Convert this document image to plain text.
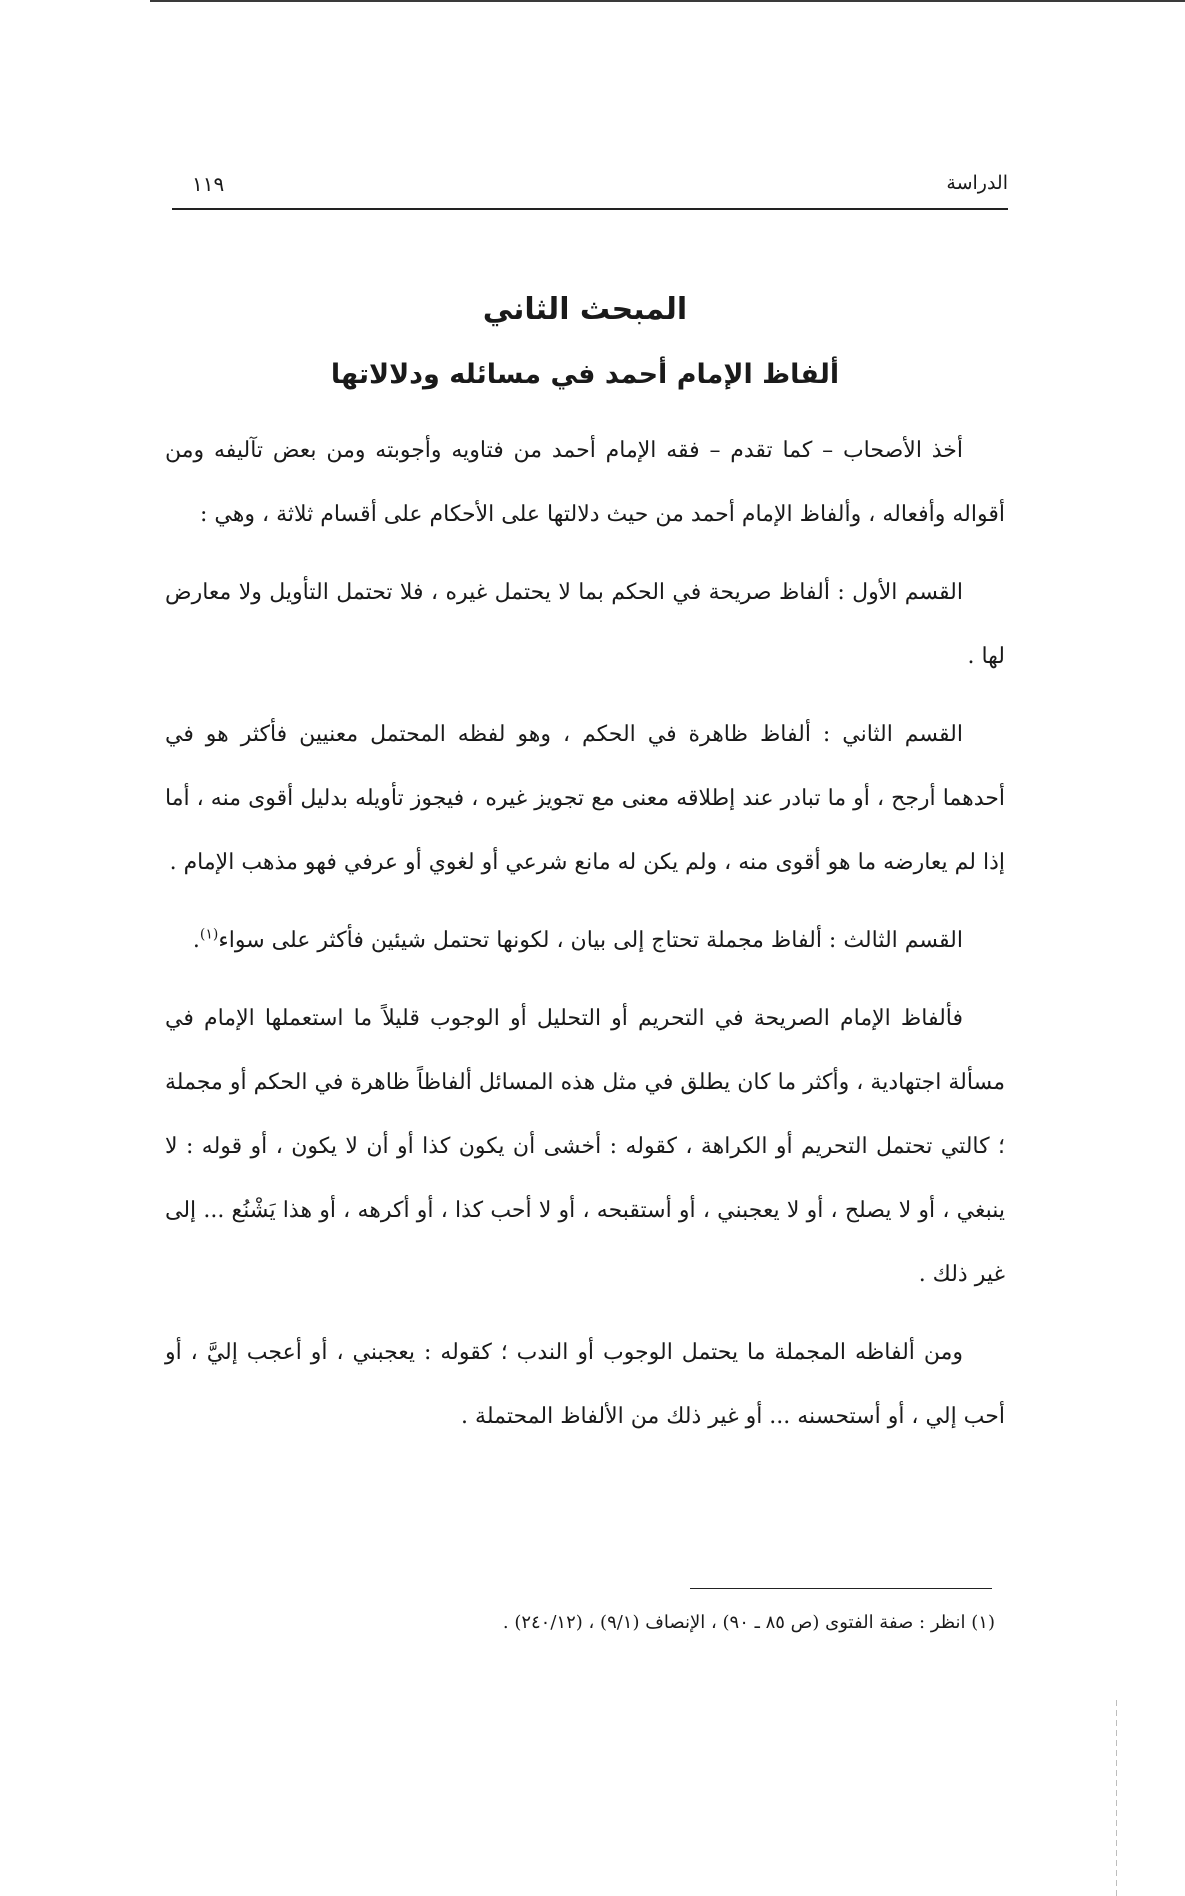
الدراسة
١١٩
المبحث الثاني
ألفاظ الإمام أحمد في مسائله ودلالاتها

أخذ الأصحاب – كما تقدم – فقه الإمام أحمد من فتاويه وأجوبته ومن بعض تآليفه ومن أقواله وأفعاله ، وألفاظ الإمام أحمد من حيث دلالتها على الأحكام على أقسام ثلاثة ، وهي :

القسم الأول : ألفاظ صريحة في الحكم بما لا يحتمل غيره ، فلا تحتمل التأويل ولا معارض لها .

القسم الثاني : ألفاظ ظاهرة في الحكم ، وهو لفظه المحتمل معنيين فأكثر هو في أحدهما أرجح ، أو ما تبادر عند إطلاقه معنى مع تجويز غيره ، فيجوز تأويله بدليل أقوى منه ، أما إذا لم يعارضه ما هو أقوى منه ، ولم يكن له مانع شرعي أو لغوي أو عرفي فهو مذهب الإمام .

القسم الثالث : ألفاظ مجملة تحتاج إلى بيان ، لكونها تحتمل شيئين فأكثر على سواء$^{(١)}$.

فألفاظ الإمام الصريحة في التحريم أو التحليل أو الوجوب قليلاً ما استعملها الإمام في مسألة اجتهادية ، وأكثر ما كان يطلق في مثل هذه المسائل ألفاظاً ظاهرة في الحكم أو مجملة ؛ كالتي تحتمل التحريم أو الكراهة ، كقوله : أخشى أن يكون كذا أو أن لا يكون ، أو قوله : لا ينبغي ، أو لا يصلح ، أو لا يعجبني ، أو أستقبحه ، أو لا أحب كذا ، أو أكرهه ، أو هذا يَشْنُع ... إلى غير ذلك .

ومن ألفاظه المجملة ما يحتمل الوجوب أو الندب ؛ كقوله : يعجبني ، أو أعجب إليَّ ، أو أحب إلي ، أو أستحسنه ... أو غير ذلك من الألفاظ المحتملة .

(١) انظر : صفة الفتوى (ص ٨٥ ـ ٩٠) ، الإنصاف (٩/١) ، (٢٤٠/١٢) .
